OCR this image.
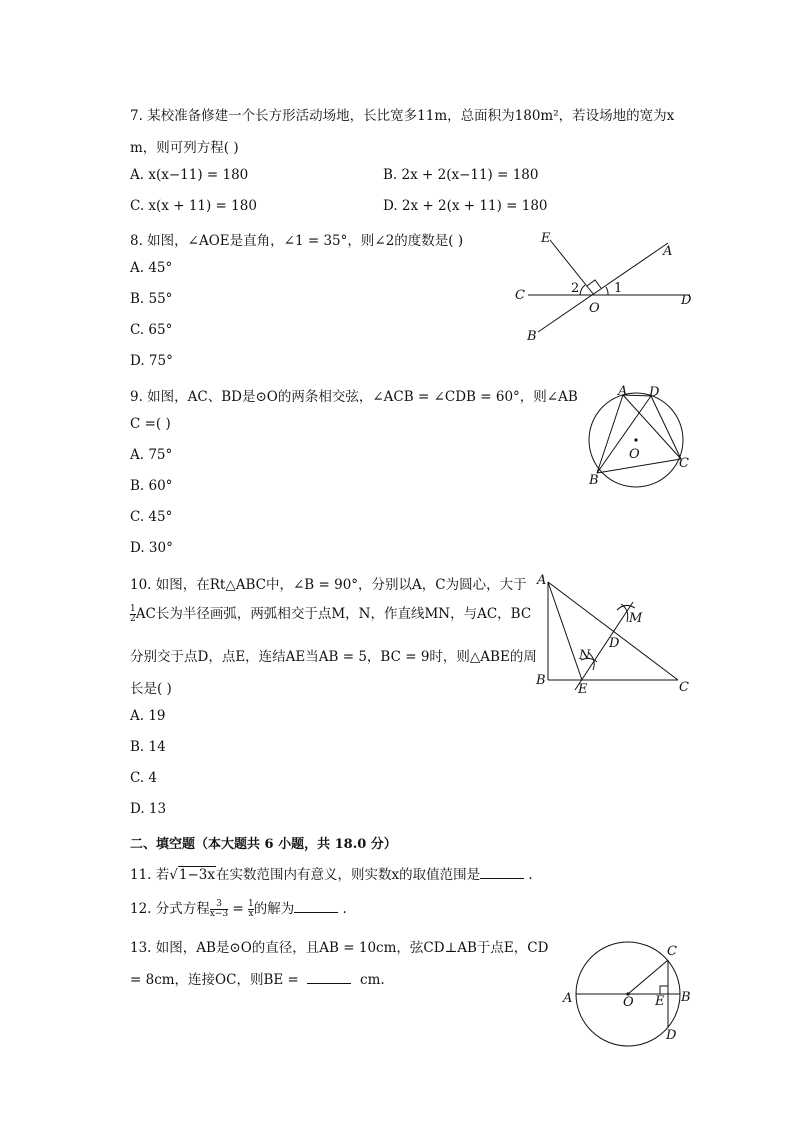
7. 某校准备修建一个长方形活动场地，长比宽多11m，总面积为180m²，若设场地的宽为x
m，则可列方程( )
A. x(x−11) = 180	B. 2x + 2(x−11) = 180
C. x(x + 11) = 180	D. 2x + 2(x + 11) = 180
8. 如图，∠AOE是直角，∠1 = 35°，则∠2的度数是( )
A. 45°
B. 55°
C. 65°
D. 75°
E
A
C	2	1
O
D
B
9. 如图，AC、BD是⊙O的两条相交弦，∠ACB = ∠CDB = 60°，则∠AB
C =( )
A. 75°
B. 60°
C. 45°
D. 30°
A D
O
C
B
10. 如图，在Rt△ABC中，∠B = 90°，分别以A，C为圆心，大于
$\frac{1}{2}$ AC长为半径画弧，两弧相交于点M，N，作直线MN，与AC，BC
分别交于点D，点E，连结AE当AB = 5，BC = 9时，则△ABE的周
长是( )
A. 19
B. 14
C. 4
D. 13
A
M
D
N
B
E	C
二、填空题（本大题共 6 小题，共 18.0 分）
11. 若√1−3x在实数范围内有意义，则实数x的取值范围是	.
12. 分式方程 $\frac{3}{x-3} = \frac{1}{x}$ 的解为	.
13. 如图，AB是⊙O的直径，且AB = 10cm，弦CD⊥AB于点E，CD
= 8cm，连接OC，则BE =	cm.
A	O E B
C
D
